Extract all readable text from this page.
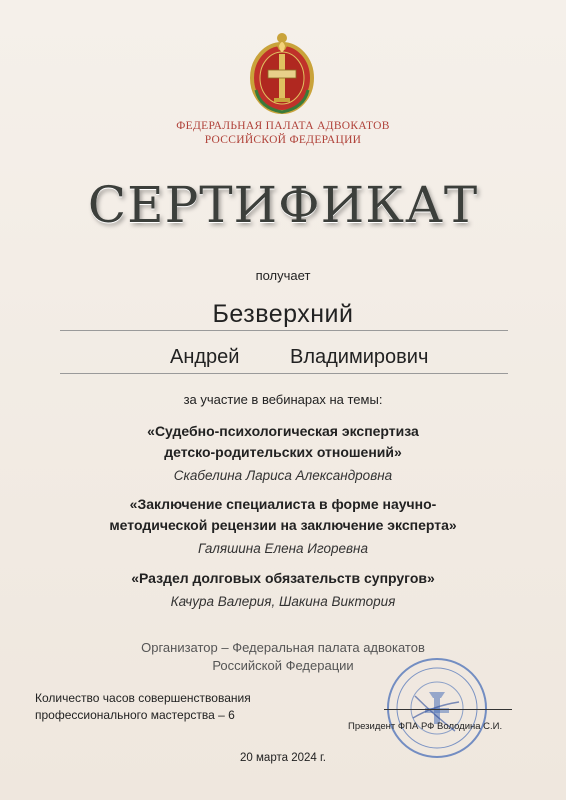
ФЕДЕРАЛЬНАЯ ПАЛАТА АДВОКАТОВ
РОССИЙСКОЙ ФЕДЕРАЦИИ
СЕРТИФИКАТ
получает
Безверхний
Андрей	Владимирович
за участие в вебинарах на темы:
«Судебно-психологическая экспертиза
детско-родительских отношений»
Скабелина Лариса Александровна
«Заключение специалиста в форме научно-
методической рецензии на заключение эксперта»
Галяшина Елена Игоревна
«Раздел долговых обязательств супругов»
Качура Валерия, Шакина Виктория
Организатор – Федеральная палата адвокатов
Российской Федерации
Количество часов совершенствования
профессионального мастерства – 6
Президент ФПА РФ Володина С.И.
20 марта 2024 г.
